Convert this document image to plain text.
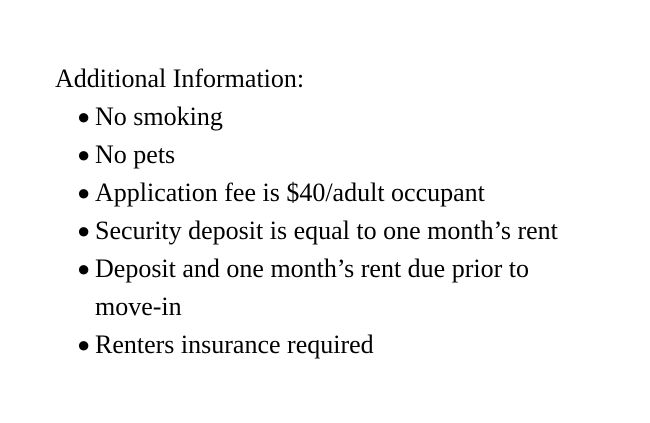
Additional Information:

● No smoking
● No pets
● Application fee is $40/adult occupant
● Security deposit is equal to one month’s rent
● Deposit and one month’s rent due prior to move-in
● Renters insurance required
